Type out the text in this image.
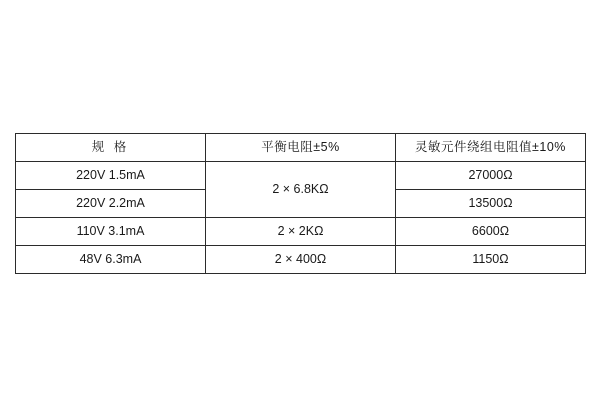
规 格	平衡电阻±5%	灵敏元件绕组电阻值±10%
220V 1.5mA	2 × 6.8KΩ	27000Ω
220V 2.2mA		13500Ω
110V 3.1mA	2 × 2KΩ	6600Ω
48V 6.3mA	2 × 400Ω	1150Ω
